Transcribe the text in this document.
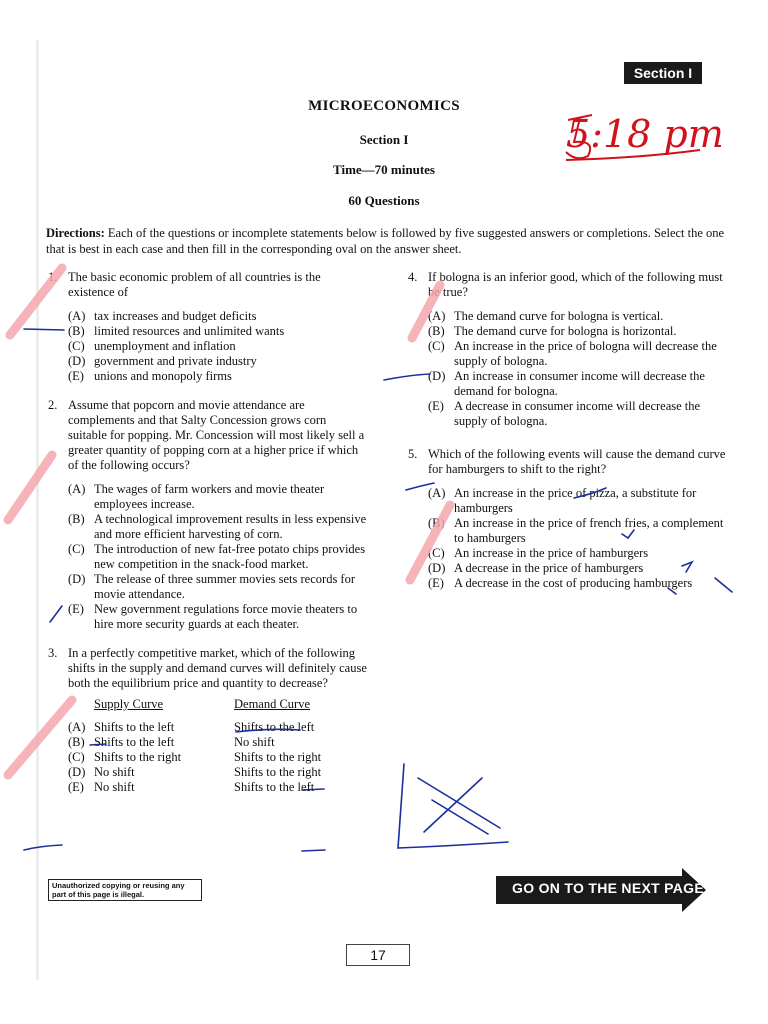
Section I
MICROECONOMICS
Section I
Time—70 minutes
60 Questions
5:18 pm
Directions: Each of the questions or incomplete statements below is followed by five suggested answers or completions. Select the one that is best in each case and then fill in the corresponding oval on the answer sheet.
1. The basic economic problem of all countries is the existence of
(A) tax increases and budget deficits
(B) limited resources and unlimited wants
(C) unemployment and inflation
(D) government and private industry
(E) unions and monopoly firms
2. Assume that popcorn and movie attendance are complements and that Salty Concession grows corn suitable for popping. Mr. Concession will most likely sell a greater quantity of popping corn at a higher price if which of the following occurs?
(A) The wages of farm workers and movie theater employees increase.
(B) A technological improvement results in less expensive and more efficient harvesting of corn.
(C) The introduction of new fat-free potato chips provides new competition in the snack-food market.
(D) The release of three summer movies sets records for movie attendance.
(E) New government regulations force movie theaters to hire more security guards at each theater.
3. In a perfectly competitive market, which of the following shifts in the supply and demand curves will definitely cause both the equilibrium price and quantity to decrease?
	Supply Curve	Demand Curve
(A)	Shifts to the left	Shifts to the left
(B)	Shifts to the left	No shift
(C)	Shifts to the right	Shifts to the right
(D)	No shift	Shifts to the right
(E)	No shift	Shifts to the left
4. If bologna is an inferior good, which of the following must be true?
(A) The demand curve for bologna is vertical.
(B) The demand curve for bologna is horizontal.
(C) An increase in the price of bologna will decrease the supply of bologna.
(D) An increase in consumer income will decrease the demand for bologna.
(E) A decrease in consumer income will decrease the supply of bologna.
5. Which of the following events will cause the demand curve for hamburgers to shift to the right?
(A) An increase in the price of pizza, a substitute for hamburgers
(B) An increase in the price of french fries, a complement to hamburgers
(C) An increase in the price of hamburgers
(D) A decrease in the price of hamburgers
(E) A decrease in the cost of producing hamburgers
Unauthorized copying or reusing any part of this page is illegal.	GO ON TO THE NEXT PAGE
17
